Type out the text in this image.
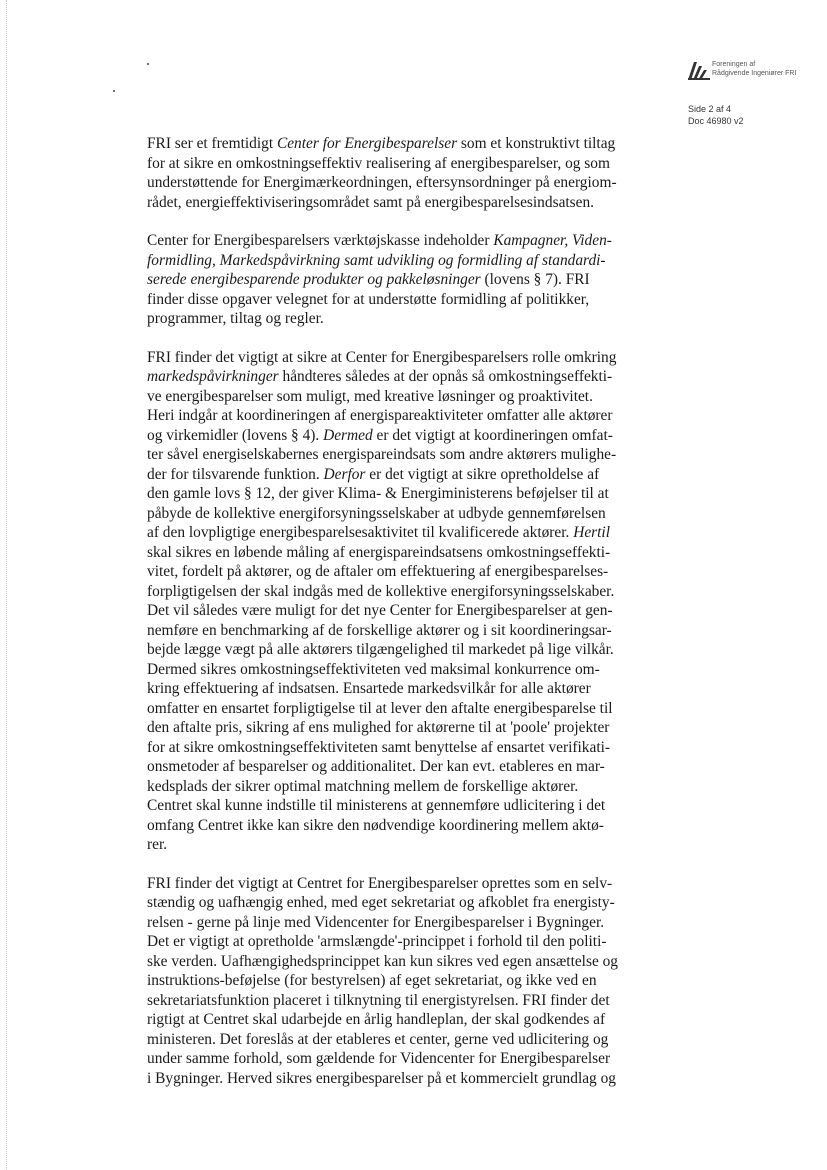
Foreningen af
Rådgivende Ingeniører FRI
Side 2 af 4
Doc 46980 v2

FRI ser et fremtidigt Center for Energibesparelser som et konstruktivt tiltag
for at sikre en omkostningseffektiv realisering af energibesparelser, og som
understøttende for Energimærkeordningen, eftersynsordninger på energiom-
rådet, energieffektiviseringsområdet samt på energibesparelsesindsatsen.

Center for Energibesparelsers værktøjskasse indeholder Kampagner, Viden-
formidling, Markedspåvirkning samt udvikling og formidling af standardi-
serede energibesparende produkter og pakkeløsninger (lovens § 7). FRI
finder disse opgaver velegnet for at understøtte formidling af politikker,
programmer, tiltag og regler.

FRI finder det vigtigt at sikre at Center for Energibesparelsers rolle omkring
markedspåvirkninger håndteres således at der opnås så omkostningseffekti-
ve energibesparelser som muligt, med kreative løsninger og proaktivitet.
Heri indgår at koordineringen af energispareaktiviteter omfatter alle aktører
og virkemidler (lovens § 4). Dermed er det vigtigt at koordineringen omfat-
ter såvel energiselskabernes energispareindsats som andre aktørers mulighe-
der for tilsvarende funktion. Derfor er det vigtigt at sikre opretholdelse af
den gamle lovs § 12, der giver Klima- & Energiministerens beføjelser til at
påbyde de kollektive energiforsyningsselskaber at udbyde gennemførelsen
af den lovpligtige energibesparelsesaktivitet til kvalificerede aktører. Hertil
skal sikres en løbende måling af energispareindsatsens omkostningseffekti-
vitet, fordelt på aktører, og de aftaler om effektuering af energibesparelses-
forpligtigelsen der skal indgås med de kollektive energiforsyningsselskaber.
Det vil således være muligt for det nye Center for Energibesparelser at gen-
nemføre en benchmarking af de forskellige aktører og i sit koordineringsar-
bejde lægge vægt på alle aktørers tilgængelighed til markedet på lige vilkår.
Dermed sikres omkostningseffektiviteten ved maksimal konkurrence om-
kring effektuering af indsatsen. Ensartede markedsvilkår for alle aktører
omfatter en ensartet forpligtigelse til at lever den aftalte energibesparelse til
den aftalte pris, sikring af ens mulighed for aktørerne til at 'poole' projekter
for at sikre omkostningseffektiviteten samt benyttelse af ensartet verifikati-
onsmetoder af besparelser og additionalitet. Der kan evt. etableres en mar-
kedsplads der sikrer optimal matchning mellem de forskellige aktører.
Centret skal kunne indstille til ministerens at gennemføre udlicitering i det
omfang Centret ikke kan sikre den nødvendige koordinering mellem aktø-
rer.

FRI finder det vigtigt at Centret for Energibesparelser oprettes som en selv-
stændig og uafhængig enhed, med eget sekretariat og afkoblet fra energisty-
relsen - gerne på linje med Videncenter for Energibesparelser i Bygninger.
Det er vigtigt at opretholde 'armslængde'-princippet i forhold til den politi-
ske verden. Uafhængighedsprincippet kan kun sikres ved egen ansættelse og
instruktions-beføjelse (for bestyrelsen) af eget sekretariat, og ikke ved en
sekretariatsfunktion placeret i tilknytning til energistyrelsen. FRI finder det
rigtigt at Centret skal udarbejde en årlig handleplan, der skal godkendes af
ministeren. Det foreslås at der etableres et center, gerne ved udlicitering og
under samme forhold, som gældende for Videncenter for Energibesparelser
i Bygninger. Herved sikres energibesparelser på et kommercielt grundlag og
